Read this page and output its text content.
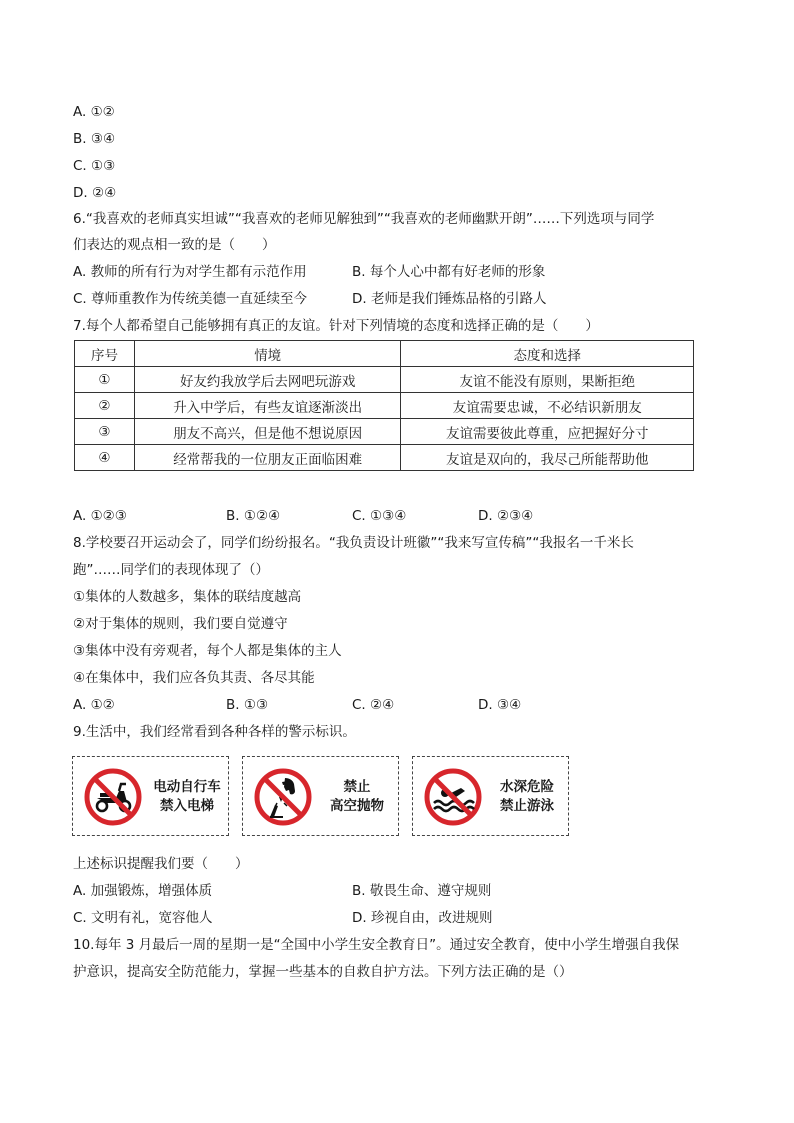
A. ①②
B. ③④
C. ①③
D. ②④
6.“我喜欢的老师真实坦诚”“我喜欢的老师见解独到”“我喜欢的老师幽默开朗”……下列选项与同学
们表达的观点相一致的是（　　）
A. 教师的所有行为对学生都有示范作用	B. 每个人心中都有好老师的形象
C. 尊师重教作为传统美德一直延续至今	D. 老师是我们锤炼品格的引路人
7.每个人都希望自己能够拥有真正的友谊。针对下列情境的态度和选择正确的是（　　）
序号	情境	态度和选择
①	好友约我放学后去网吧玩游戏	友谊不能没有原则，果断拒绝
②	升入中学后，有些友谊逐渐淡出	友谊需要忠诚，不必结识新朋友
③	朋友不高兴，但是他不想说原因	友谊需要彼此尊重，应把握好分寸
④	经常帮我的一位朋友正面临困难	友谊是双向的，我尽己所能帮助他
A. ①②③	B. ①②④	C. ①③④	D. ②③④
8.学校要召开运动会了，同学们纷纷报名。“我负责设计班徽”“我来写宣传稿”“我报名一千米长
跑”……同学们的表现体现了（）
①集体的人数越多，集体的联结度越高
②对于集体的规则，我们要自觉遵守
③集体中没有旁观者，每个人都是集体的主人
④在集体中，我们应各负其责、各尽其能
A. ①②	B. ①③	C. ②④	D. ③④
9.生活中，我们经常看到各种各样的警示标识。
电动自行车
禁入电梯
禁止
高空抛物
水深危险
禁止游泳
上述标识提醒我们要（　　）
A. 加强锻炼，增强体质	B. 敬畏生命、遵守规则
C. 文明有礼，宽容他人	D. 珍视自由，改进规则
10.每年 3 月最后一周的星期一是“全国中小学生安全教育日”。通过安全教育，使中小学生增强自我保
护意识，提高安全防范能力，掌握一些基本的自救自护方法。下列方法正确的是（）
